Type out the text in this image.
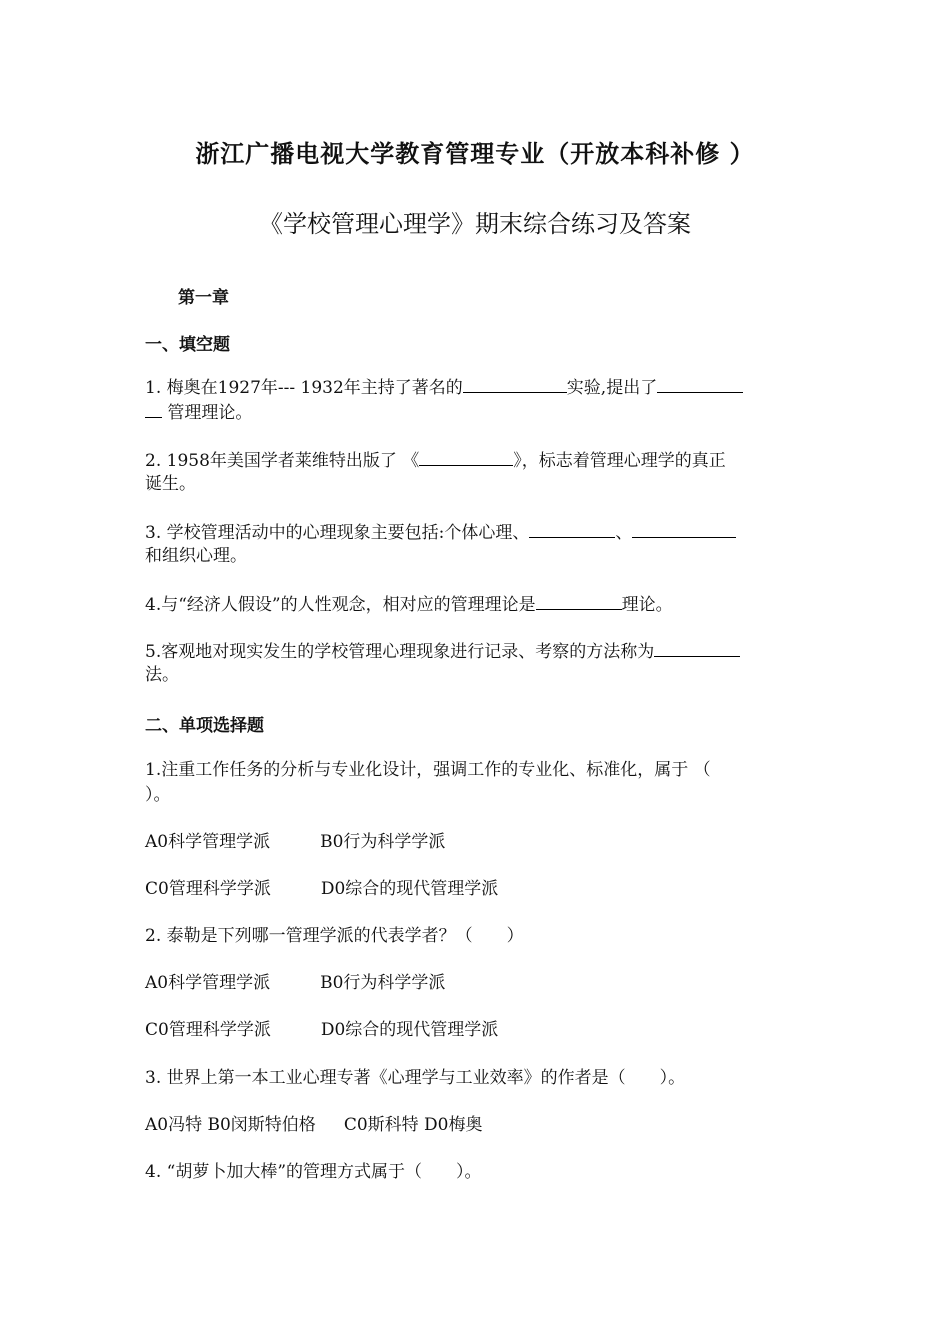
浙江广播电视大学教育管理专业（开放本科补修 ）
《学校管理心理学》期末综合练习及答案
第一章
一、填空题
1. 梅奥在1927年--- 1932年主持了著名的	实验,提出了
管理理论。
2. 1958年美国学者莱维特出版了 《	》，标志着管理心理学的真正
诞生。
3. 学校管理活动中的心理现象主要包括:个体心理、	、
和组织心理。
4.与“经济人假设”的人性观念，相对应的管理理论是	理论。
5.客观地对现实发生的学校管理心理现象进行记录、考察的方法称为
法。
二、单项选择题
1.注重工作任务的分析与专业化设计，强调工作的专业化、标准化，属于 （
）。
A0科学管理学派	B0行为科学学派
C0管理科学学派	D0综合的现代管理学派
2. 泰勒是下列哪一管理学派的代表学者？（　　）
A0科学管理学派	B0行为科学学派
C0管理科学学派	D0综合的现代管理学派
3. 世界上第一本工业心理专著《心理学与工业效率》的作者是（　　）。
A0冯特 B0闵斯特伯格 C0斯科特 D0梅奥
4. “胡萝卜加大棒”的管理方式属于（　　）。
